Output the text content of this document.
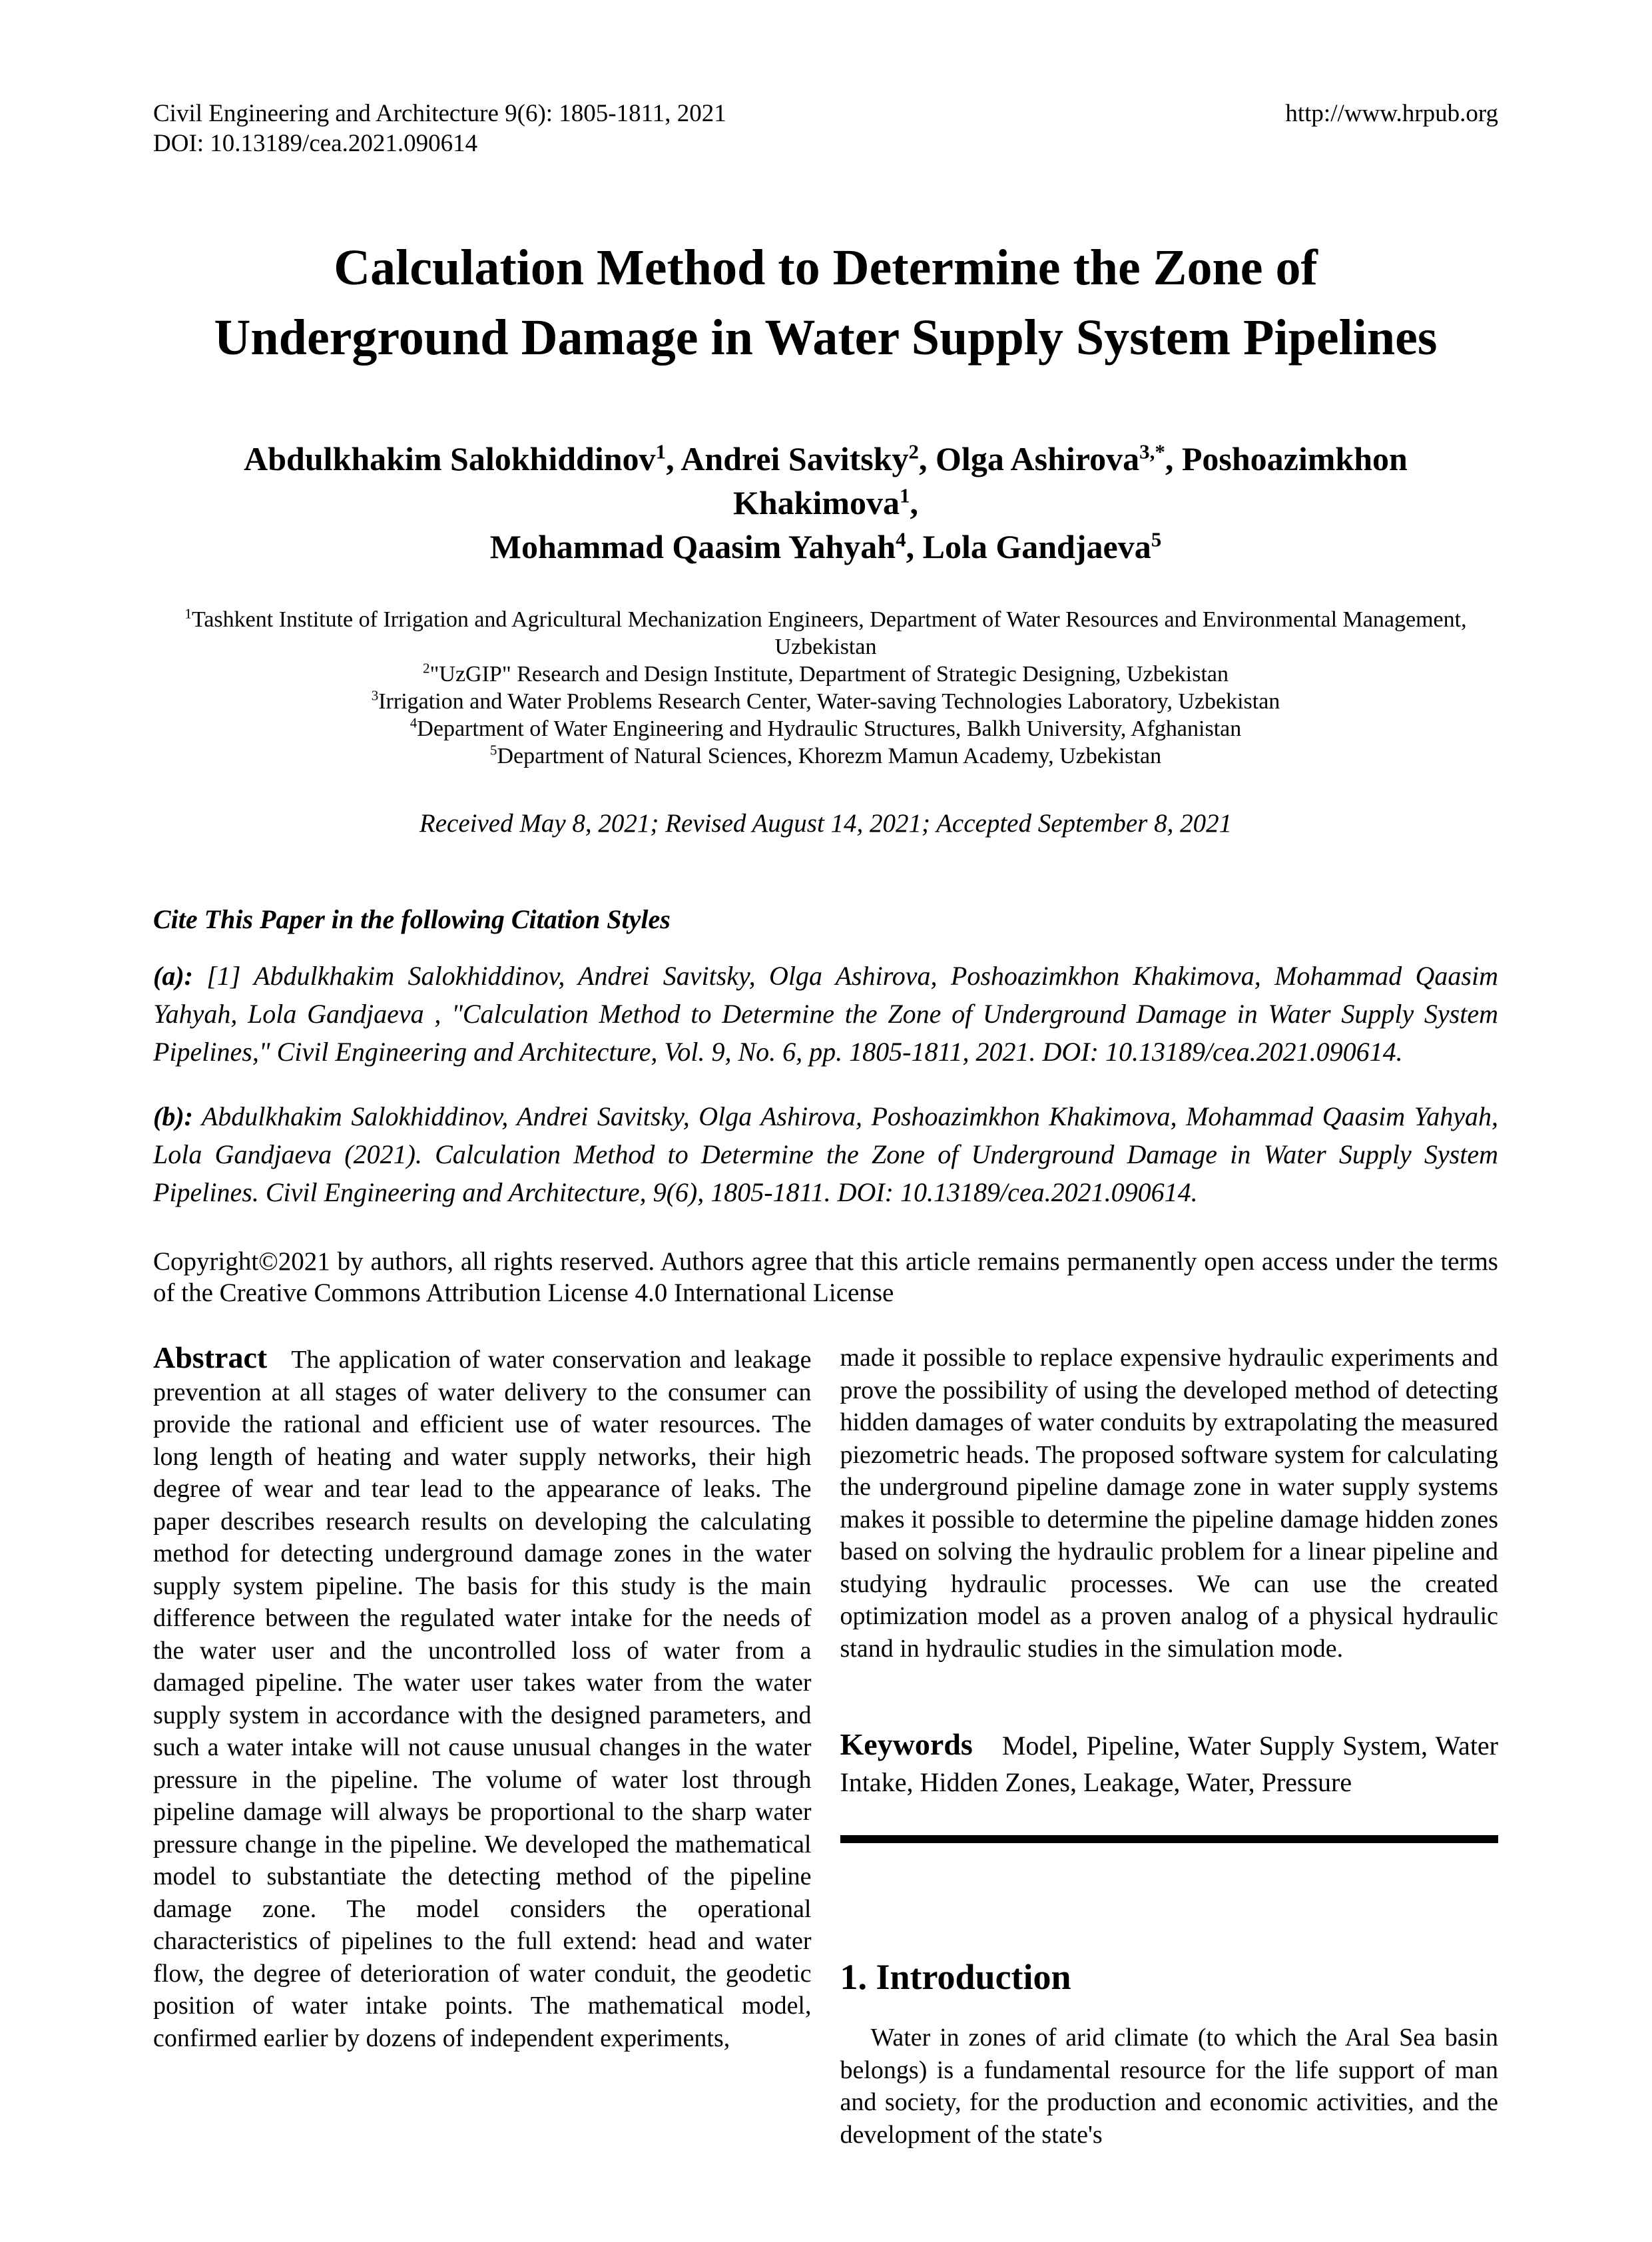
Civil Engineering and Architecture 9(6): 1805-1811, 2021
DOI: 10.13189/cea.2021.090614
http://www.hrpub.org
Calculation Method to Determine the Zone of
Underground Damage in Water Supply System Pipelines
Abdulkhakim Salokhiddinov$^1$, Andrei Savitsky$^2$, Olga Ashirova$^{3,*}$, Poshoazimkhon Khakimova$^1$,
Mohammad Qaasim Yahyah$^4$, Lola Gandjaeva$^5$
$^1$Tashkent Institute of Irrigation and Agricultural Mechanization Engineers, Department of Water Resources and Environmental Management, Uzbekistan
$^2$"UzGIP" Research and Design Institute, Department of Strategic Designing, Uzbekistan
$^3$Irrigation and Water Problems Research Center, Water-saving Technologies Laboratory, Uzbekistan
$^4$Department of Water Engineering and Hydraulic Structures, Balkh University, Afghanistan
$^5$Department of Natural Sciences, Khorezm Mamun Academy, Uzbekistan
Received May 8, 2021; Revised August 14, 2021; Accepted September 8, 2021
Cite This Paper in the following Citation Styles

(a): [1] Abdulkhakim Salokhiddinov, Andrei Savitsky, Olga Ashirova, Poshoazimkhon Khakimova, Mohammad Qaasim Yahyah, Lola Gandjaeva , "Calculation Method to Determine the Zone of Underground Damage in Water Supply System Pipelines," Civil Engineering and Architecture, Vol. 9, No. 6, pp. 1805-1811, 2021. DOI: 10.13189/cea.2021.090614.

(b): Abdulkhakim Salokhiddinov, Andrei Savitsky, Olga Ashirova, Poshoazimkhon Khakimova, Mohammad Qaasim Yahyah, Lola Gandjaeva (2021). Calculation Method to Determine the Zone of Underground Damage in Water Supply System Pipelines. Civil Engineering and Architecture, 9(6), 1805-1811. DOI: 10.13189/cea.2021.090614.

Copyright©2021 by authors, all rights reserved. Authors agree that this article remains permanently open access under the terms of the Creative Commons Attribution License 4.0 International License

Abstract The application of water conservation and leakage prevention at all stages of water delivery to the consumer can provide the rational and efficient use of water resources. The long length of heating and water supply networks, their high degree of wear and tear lead to the appearance of leaks. The paper describes research results on developing the calculating method for detecting underground damage zones in the water supply system pipeline. The basis for this study is the main difference between the regulated water intake for the needs of the water user and the uncontrolled loss of water from a damaged pipeline. The water user takes water from the water supply system in accordance with the designed parameters, and such a water intake will not cause unusual changes in the water pressure in the pipeline. The volume of water lost through pipeline damage will always be proportional to the sharp water pressure change in the pipeline. We developed the mathematical model to substantiate the detecting method of the pipeline damage zone. The model considers the operational characteristics of pipelines to the full extend: head and water flow, the degree of deterioration of water conduit, the geodetic position of water intake points. The mathematical model, confirmed earlier by dozens of independent experiments,

made it possible to replace expensive hydraulic experiments and prove the possibility of using the developed method of detecting hidden damages of water conduits by extrapolating the measured piezometric heads. The proposed software system for calculating the underground pipeline damage zone in water supply systems makes it possible to determine the pipeline damage hidden zones based on solving the hydraulic problem for a linear pipeline and studying hydraulic processes. We can use the created optimization model as a proven analog of a physical hydraulic stand in hydraulic studies in the simulation mode.

Keywords Model, Pipeline, Water Supply System, Water Intake, Hidden Zones, Leakage, Water, Pressure

1. Introduction

Water in zones of arid climate (to which the Aral Sea basin belongs) is a fundamental resource for the life support of man and society, for the production and economic activities, and the development of the state's
